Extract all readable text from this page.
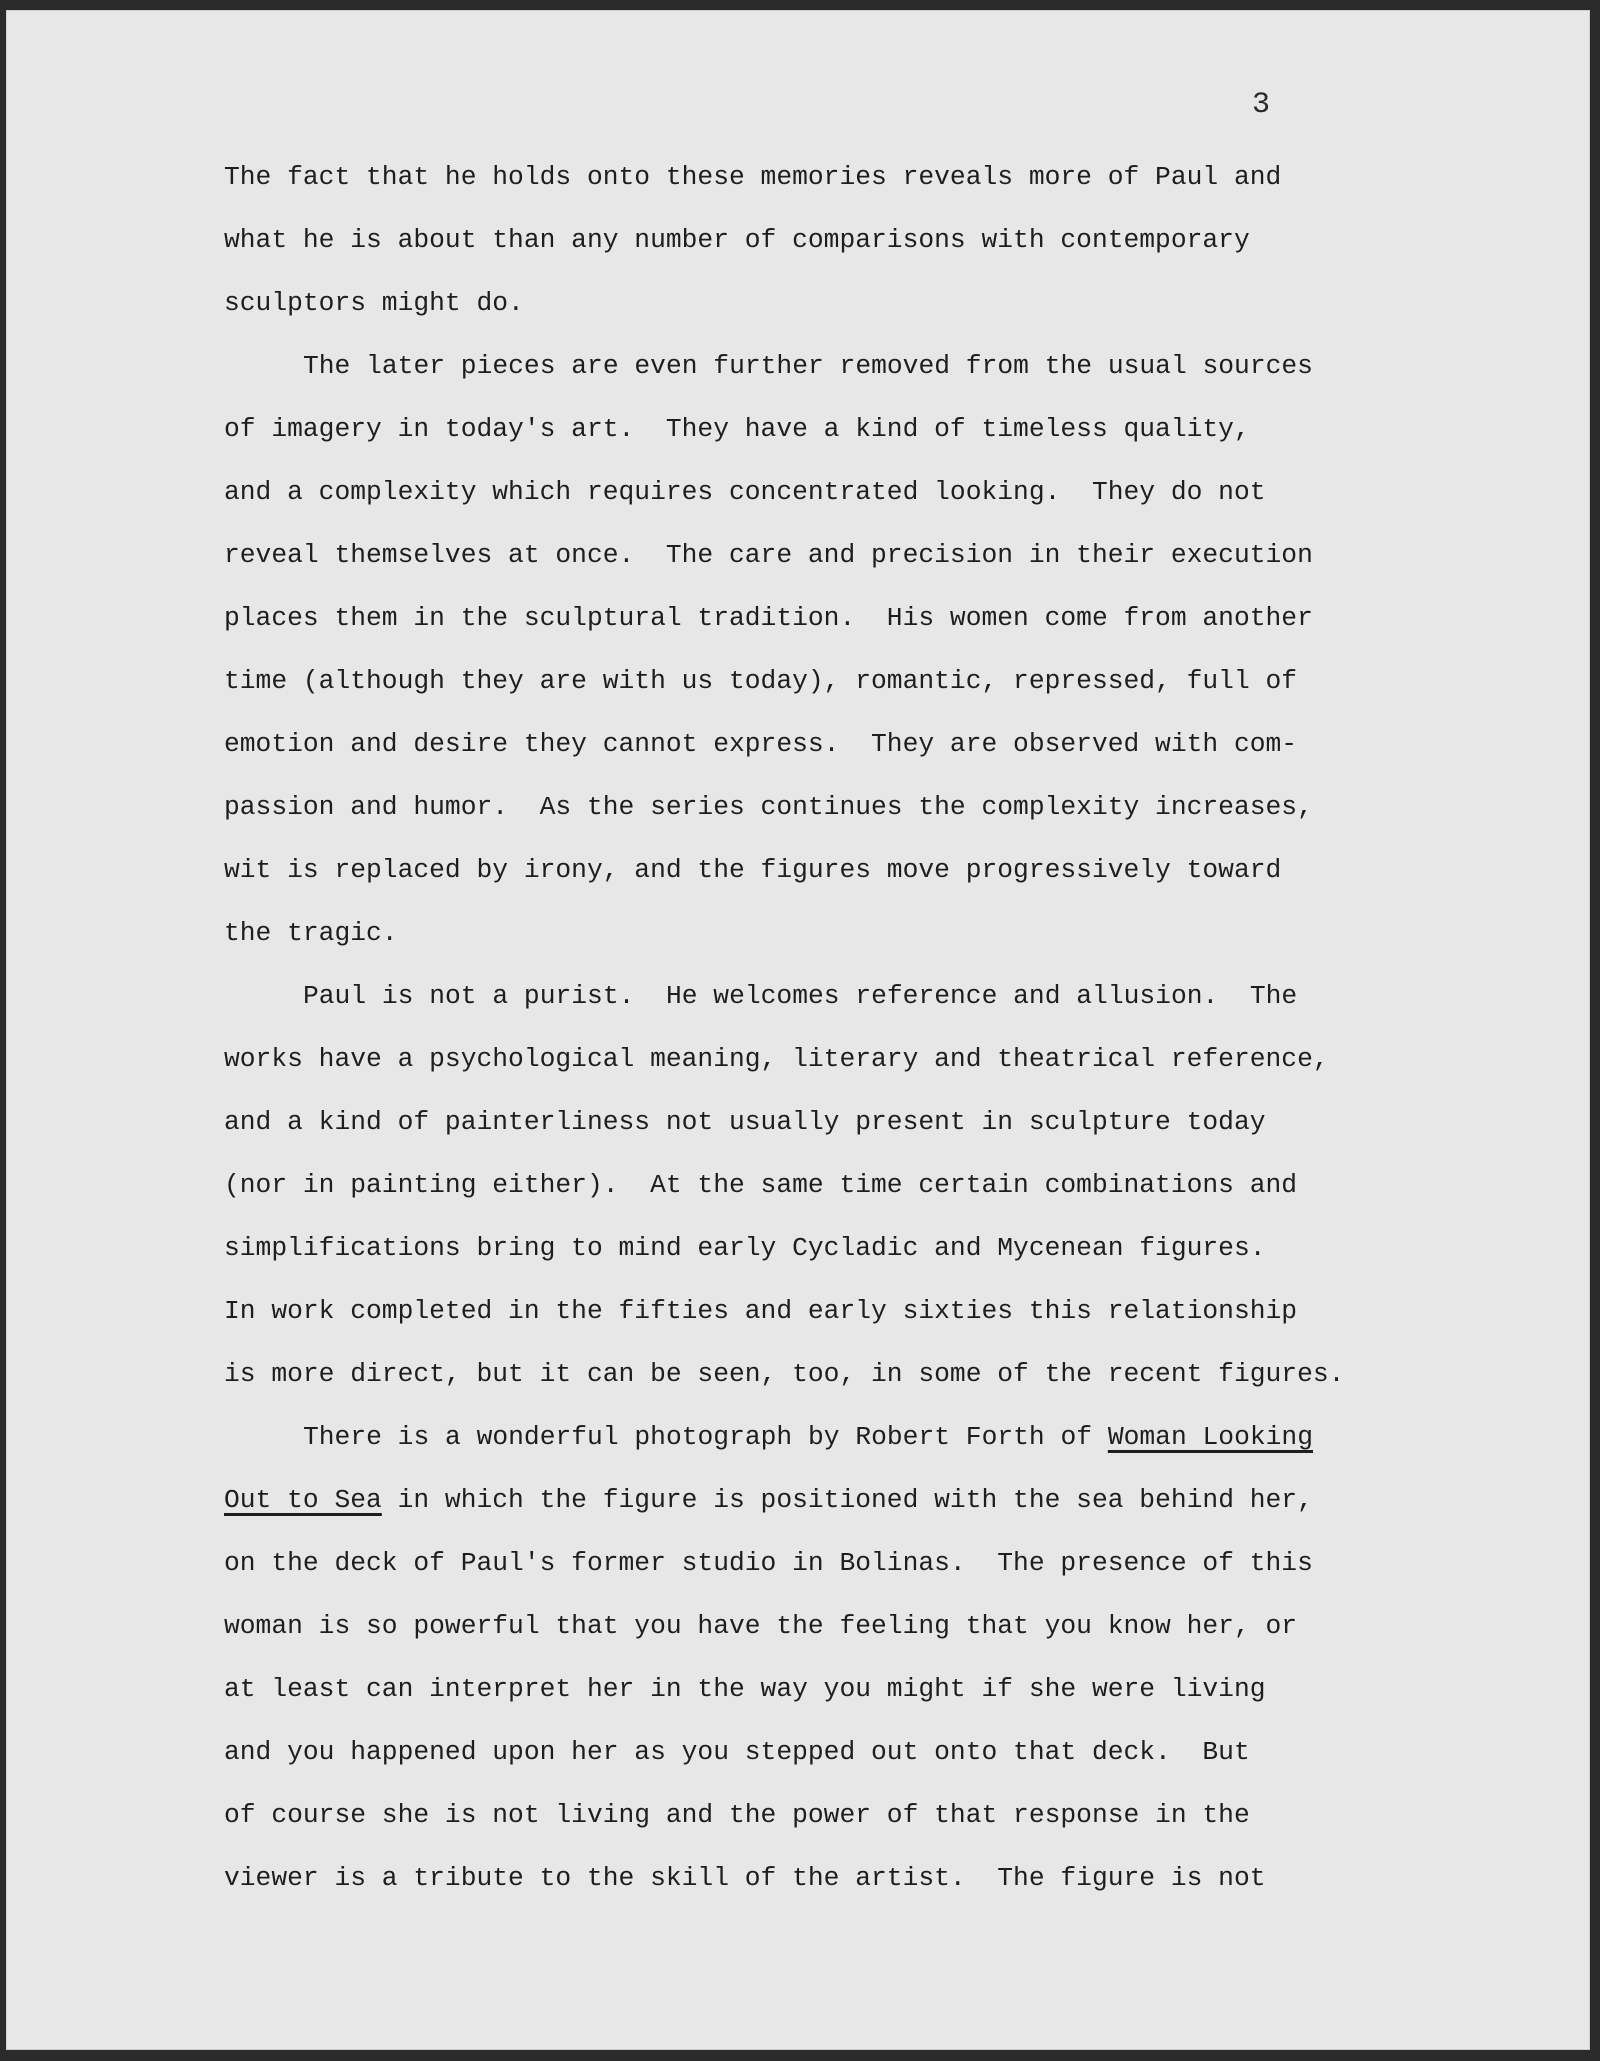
3
The fact that he holds onto these memories reveals more of Paul and
what he is about than any number of comparisons with contemporary
sculptors might do.
The later pieces are even further removed from the usual sources
of imagery in today's art.  They have a kind of timeless quality,
and a complexity which requires concentrated looking.  They do not
reveal themselves at once.  The care and precision in their execution
places them in the sculptural tradition.  His women come from another
time (although they are with us today), romantic, repressed, full of
emotion and desire they cannot express.  They are observed with com-
passion and humor.  As the series continues the complexity increases,
wit is replaced by irony, and the figures move progressively toward
the tragic.
Paul is not a purist.  He welcomes reference and allusion.  The
works have a psychological meaning, literary and theatrical reference,
and a kind of painterliness not usually present in sculpture today
(nor in painting either).  At the same time certain combinations and
simplifications bring to mind early Cycladic and Mycenean figures.
In work completed in the fifties and early sixties this relationship
is more direct, but it can be seen, too, in some of the recent figures.
There is a wonderful photograph by Robert Forth of Woman Looking
Out to Sea in which the figure is positioned with the sea behind her,
on the deck of Paul's former studio in Bolinas.  The presence of this
woman is so powerful that you have the feeling that you know her, or
at least can interpret her in the way you might if she were living
and you happened upon her as you stepped out onto that deck.  But
of course she is not living and the power of that response in the
viewer is a tribute to the skill of the artist.  The figure is not
